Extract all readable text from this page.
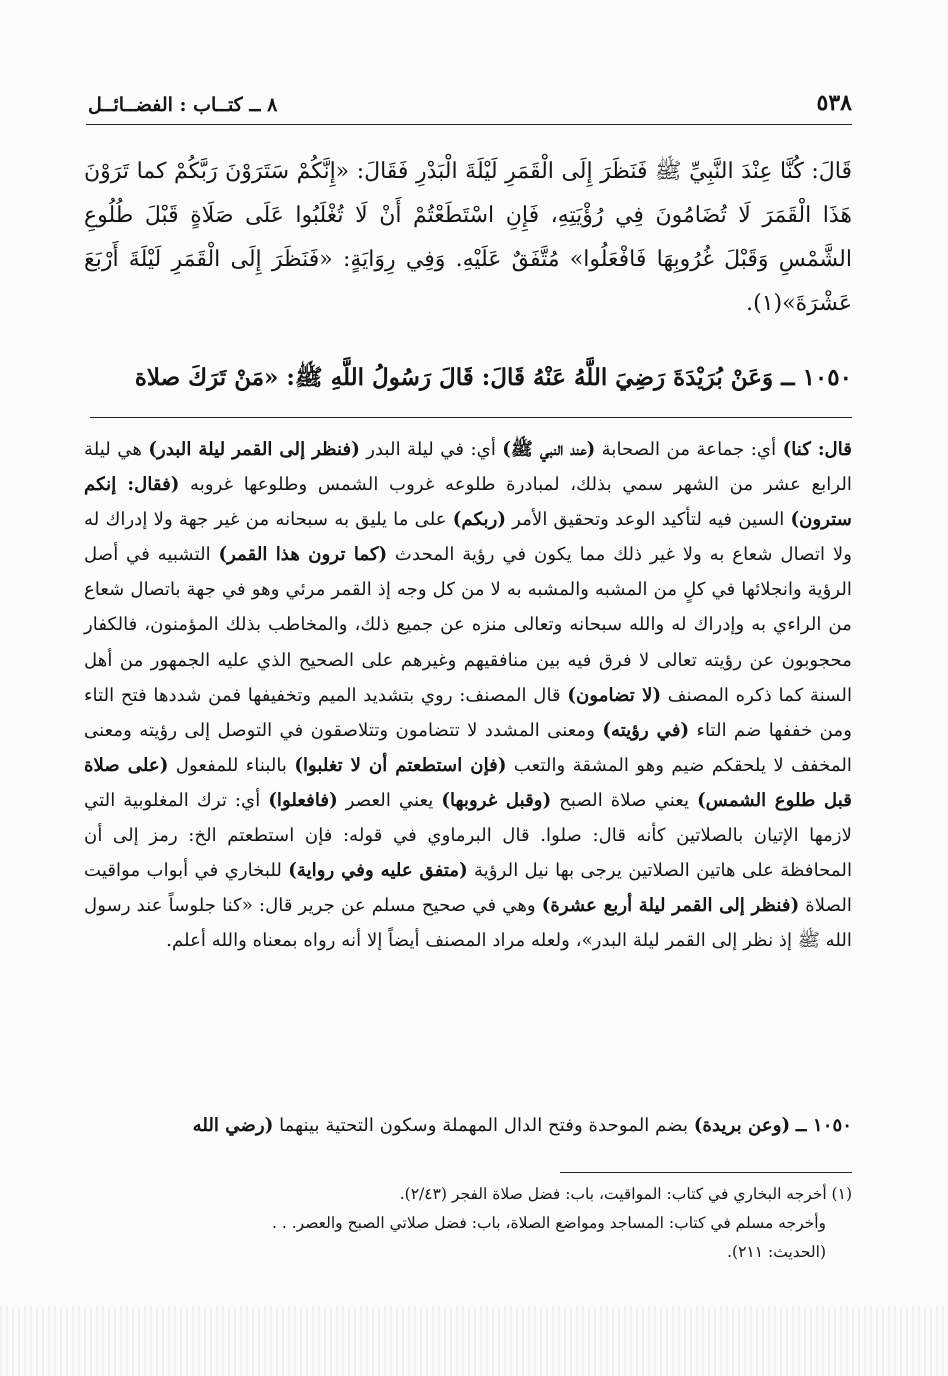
٨ ــ كتــاب : الفضــائــل	٥٣٨
قَالَ: كُنَّا عِنْدَ النَّبِيِّ ﷺ فَنَظَرَ إِلَى الْقَمَرِ لَيْلَةَ الْبَدْرِ فَقَالَ: «إِنَّكُمْ سَتَرَوْنَ رَبَّكُمْ كما تَرَوْنَ هَذَا الْقَمَرَ لَا تُضَامُونَ فِي رُؤْيَتِهِ، فَإِنِ اسْتَطَعْتُمْ أَنْ لَا تُغْلَبُوا عَلَى صَلَاةٍ قَبْلَ طُلُوعِ الشَّمْسِ وَقَبْلَ غُرُوبِهَا فَافْعَلُوا» مُتَّفَقٌ عَلَيْهِ. وَفِي رِوَايَةٍ: «فَنَظَرَ إِلَى الْقَمَرِ لَيْلَةَ أَرْبَعَ عَشْرَةَ»(١).
١٠٥٠ ــ وَعَنْ بُرَيْدَةَ رَضِيَ اللَّهُ عَنْهُ قَالَ: قَالَ رَسُولُ اللَّهِ ﷺ: «مَنْ تَرَكَ صلاة
قال: كنا) أي: جماعة من الصحابة (عند النبي ﷺ) أي: في ليلة البدر (فنظر إلى القمر ليلة البدر) هي ليلة الرابع عشر من الشهر سمي بذلك، لمبادرة طلوعه غروب الشمس وطلوعها غروبه (فقال: إنكم سترون) السين فيه لتأكيد الوعد وتحقيق الأمر (ربكم) على ما يليق به سبحانه من غير جهة ولا إدراك له ولا اتصال شعاع به ولا غير ذلك مما يكون في رؤية المحدث (كما ترون هذا القمر) التشبيه في أصل الرؤية وانجلائها في كلٍ من المشبه والمشبه به لا من كل وجه إذ القمر مرئي وهو في جهة باتصال شعاع من الراءي به وإدراك له والله سبحانه وتعالى منزه عن جميع ذلك، والمخاطب بذلك المؤمنون، فالكفار محجوبون عن رؤيته تعالى لا فرق فيه بين منافقيهم وغيرهم على الصحيح الذي عليه الجمهور من أهل السنة كما ذكره المصنف (لا تضامون) قال المصنف: روي بتشديد الميم وتخفيفها فمن شددها فتح التاء ومن خففها ضم التاء (في رؤيته) ومعنى المشدد لا تتضامون وتتلاصقون في التوصل إلى رؤيته ومعنى المخفف لا يلحقكم ضيم وهو المشقة والتعب (فإن استطعتم أن لا تغلبوا) بالبناء للمفعول (على صلاة قبل طلوع الشمس) يعني صلاة الصبح (وقبل غروبها) يعني العصر (فافعلوا) أي: ترك المغلوبية التي لازمها الإتيان بالصلاتين كأنه قال: صلوا. قال البرماوي في قوله: فإن استطعتم الخ: رمز إلى أن المحافظة على هاتين الصلاتين يرجى بها نيل الرؤية (متفق عليه وفي رواية) للبخاري في أبواب مواقيت الصلاة (فنظر إلى القمر ليلة أربع عشرة) وهي في صحيح مسلم عن جرير قال: «كنا جلوساً عند رسول الله ﷺ إذ نظر إلى القمر ليلة البدر»، ولعله مراد المصنف أيضاً إلا أنه رواه بمعناه والله أعلم.
١٠٥٠ ــ (وعن بريدة) بضم الموحدة وفتح الدال المهملة وسكون التحتية بينهما (رضي الله

(١) أخرجه البخاري في كتاب: المواقيت، باب: فضل صلاة الفجر (٢/٤٣).

وأخرجه مسلم في كتاب: المساجد ومواضع الصلاة، باب: فضل صلاتي الصبح والعصر. . .

(الحديث: ٢١١).
